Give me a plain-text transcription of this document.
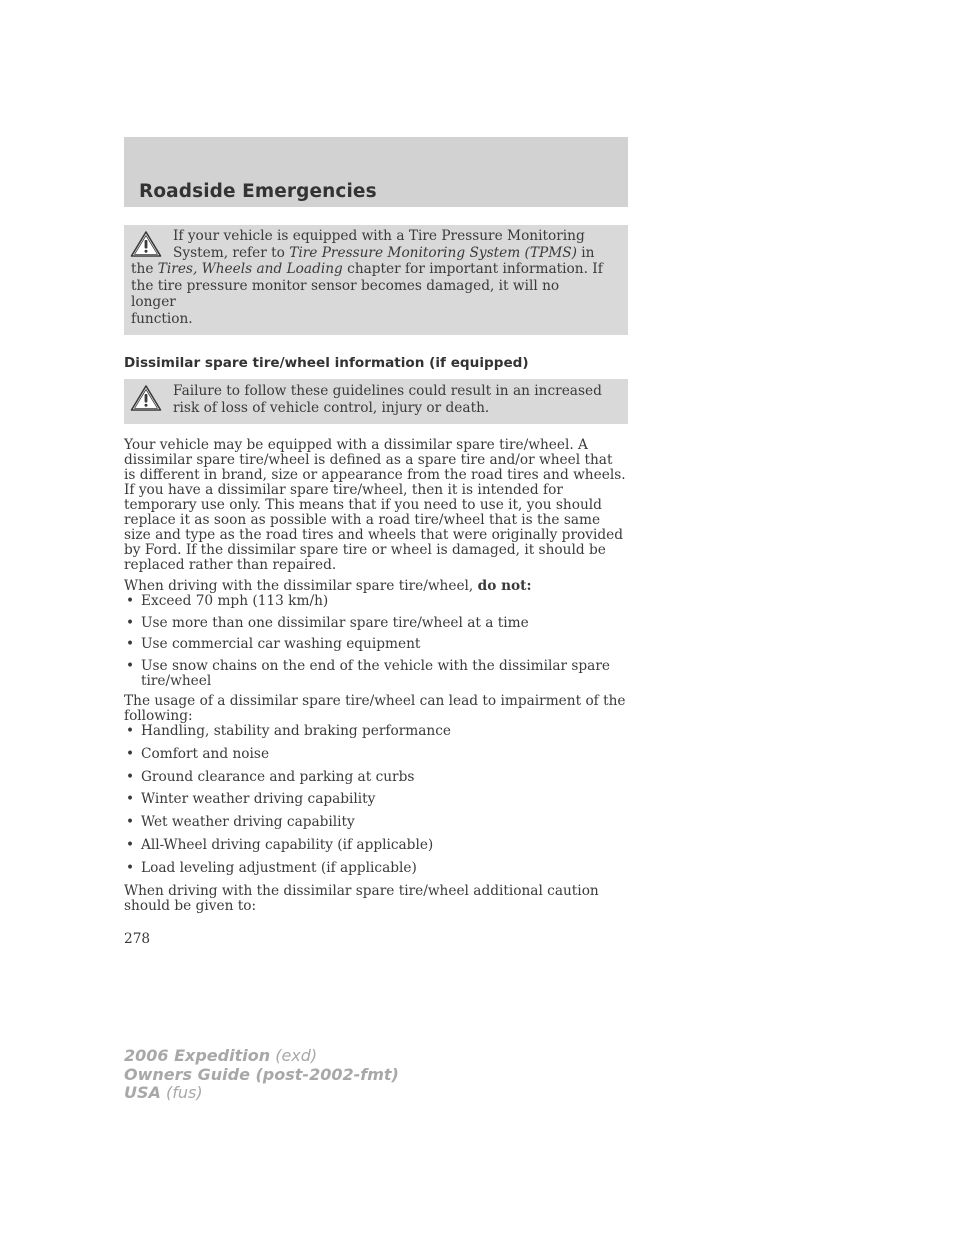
Roadside Emergencies
If your vehicle is equipped with a Tire Pressure Monitoring
System, refer to Tire Pressure Monitoring System (TPMS) in
the Tires, Wheels and Loading chapter for important information. If
the tire pressure monitor sensor becomes damaged, it will no longer
function.
Dissimilar spare tire/wheel information (if equipped)
Failure to follow these guidelines could result in an increased risk of loss of vehicle control, injury or death.

Your vehicle may be equipped with a dissimilar spare tire/wheel. A dissimilar spare tire/wheel is defined as a spare tire and/or wheel that is different in brand, size or appearance from the road tires and wheels. If you have a dissimilar spare tire/wheel, then it is intended for temporary use only. This means that if you need to use it, you should replace it as soon as possible with a road tire/wheel that is the same size and type as the road tires and wheels that were originally provided by Ford. If the dissimilar spare tire or wheel is damaged, it should be replaced rather than repaired.

When driving with the dissimilar spare tire/wheel, do not:

• Exceed 70 mph (113 km/h)
• Use more than one dissimilar spare tire/wheel at a time
• Use commercial car washing equipment
• Use snow chains on the end of the vehicle with the dissimilar spare tire/wheel

The usage of a dissimilar spare tire/wheel can lead to impairment of the following:

• Handling, stability and braking performance
• Comfort and noise
• Ground clearance and parking at curbs
• Winter weather driving capability
• Wet weather driving capability
• All-Wheel driving capability (if applicable)
• Load leveling adjustment (if applicable)

When driving with the dissimilar spare tire/wheel additional caution should be given to:

278
2006 Expedition (exd)
Owners Guide (post-2002-fmt)
USA (fus)
